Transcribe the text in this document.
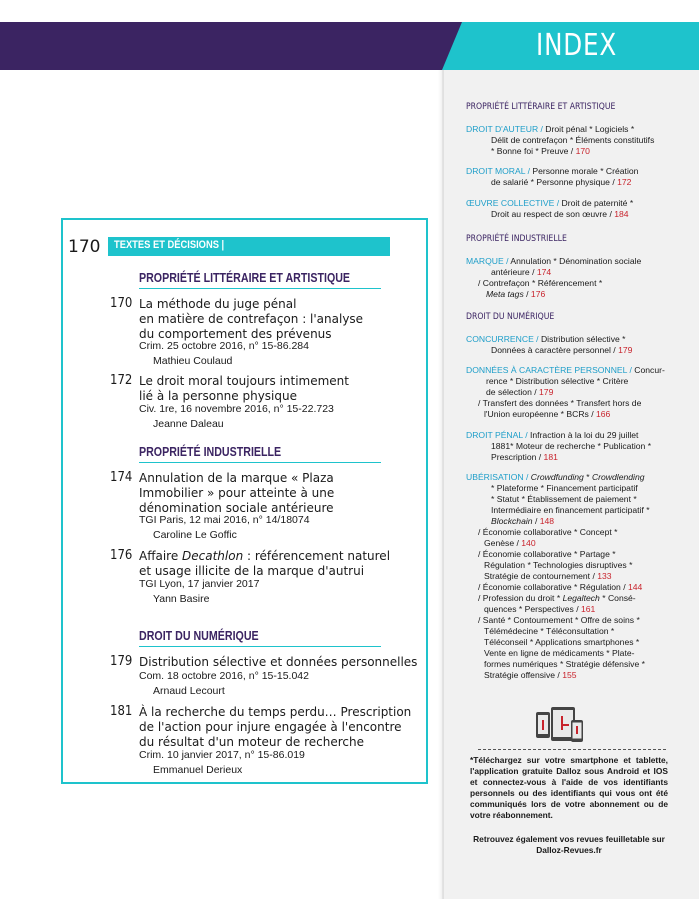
INDEX
170 TEXTES ET DÉCISIONS |
PROPRIÉTÉ LITTÉRAIRE ET ARTISTIQUE
170 La méthode du juge pénal
en matière de contrefaçon : l'analyse
du comportement des prévenus
Crim. 25 octobre 2016, n° 15-86.284
Mathieu Coulaud
172 Le droit moral toujours intimement
lié à la personne physique
Civ. 1re, 16 novembre 2016, n° 15-22.723
Jeanne Daleau
PROPRIÉTÉ INDUSTRIELLE
174 Annulation de la marque « Plaza
Immobilier » pour atteinte à une
dénomination sociale antérieure
TGI Paris, 12 mai 2016, n° 14/18074
Caroline Le Goffic
176 Affaire Decathlon : référencement naturel
et usage illicite de la marque d'autrui
TGI Lyon, 17 janvier 2017
Yann Basire
DROIT DU NUMÉRIQUE
179 Distribution sélective et données personnelles
Com. 18 octobre 2016, n° 15-15.042
Arnaud Lecourt
181 À la recherche du temps perdu… Prescription
de l'action pour injure engagée à l'encontre
du résultat d'un moteur de recherche
Crim. 10 janvier 2017, n° 15-86.019
Emmanuel Derieux
PROPRIÉTÉ LITTÉRAIRE ET ARTISTIQUE
DROIT D'AUTEUR / Droit pénal * Logiciels *
Délit de contrefaçon * Éléments constitutifs
* Bonne foi * Preuve / 170
DROIT MORAL / Personne morale * Création
de salarié * Personne physique / 172
ŒUVRE COLLECTIVE / Droit de paternité *
Droit au respect de son œuvre / 184
PROPRIÉTÉ INDUSTRIELLE
MARQUE / Annulation * Dénomination sociale
antérieure / 174
/ Contrefaçon * Référencement *
Meta tags / 176
DROIT DU NUMÉRIQUE
CONCURRENCE / Distribution sélective *
Données à caractère personnel / 179
DONNÉES À CARACTÈRE PERSONNEL / Concur-
rence * Distribution sélective * Critère
de sélection / 179
/ Transfert des données * Transfert hors de
l'Union européenne * BCRs / 166
DROIT PÉNAL / Infraction à la loi du 29 juillet
1881* Moteur de recherche * Publication *
Prescription / 181
UBÉRISATION / Crowdfunding * Crowdlending
* Plateforme * Financement participatif
* Statut * Établissement de paiement *
Intermédiaire en financement participatif *
Blockchain / 148
/ Économie collaborative * Concept *
Genèse / 140
/ Économie collaborative * Partage *
Régulation * Technologies disruptives *
Stratégie de contournement / 133
/ Économie collaborative * Régulation / 144
/ Profession du droit * Legaltech * Consé-
quences * Perspectives / 161
/ Santé * Contournement * Offre de soins *
Télémédecine * Téléconsultation *
Téléconseil * Applications smartphones *
Vente en ligne de médicaments * Plate-
formes numériques * Stratégie défensive *
Stratégie offensive / 155
*Téléchargez sur votre smartphone et tablette, l'application gratuite Dalloz sous Android et IOS et connectez-vous à l'aide de vos identifiants personnels ou des identifiants qui vous ont été communiqués lors de votre abonnement ou de votre réabonnement.
Retrouvez également vos revues feuilletable sur Dalloz-Revues.fr
